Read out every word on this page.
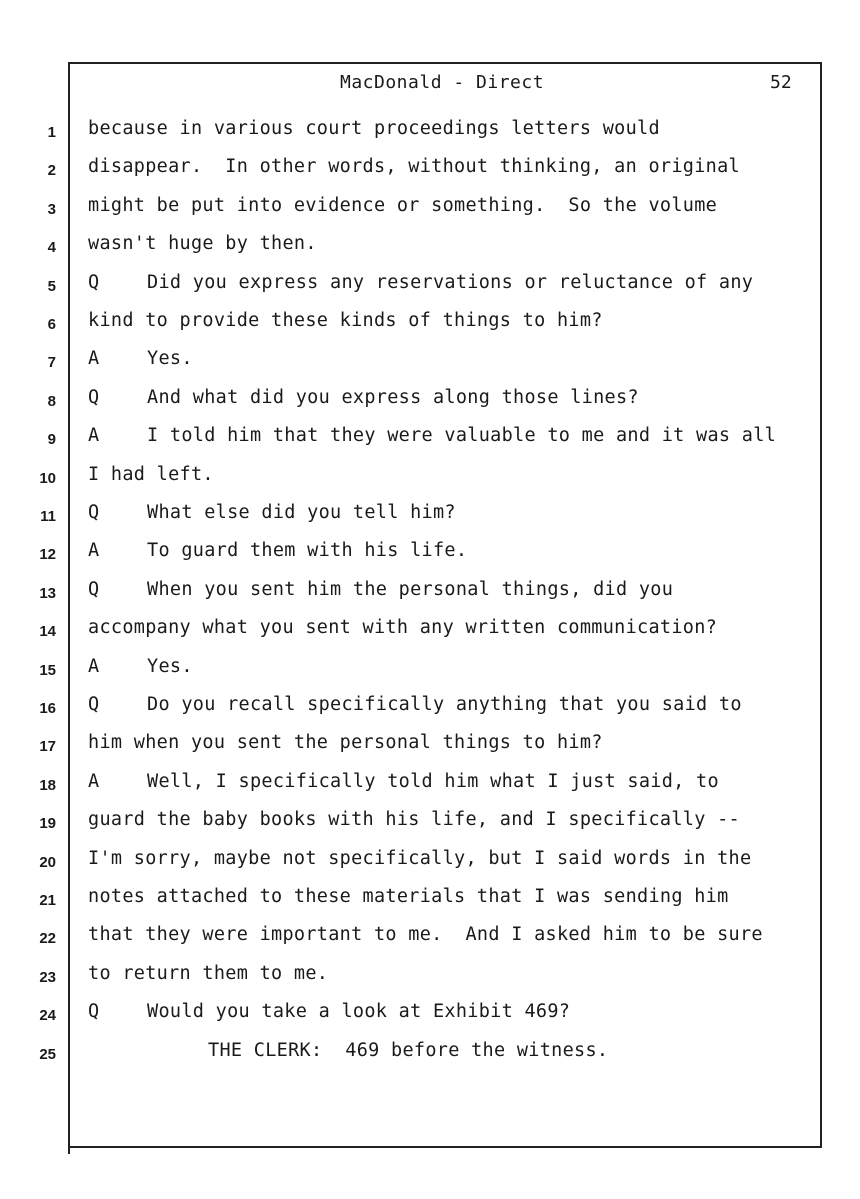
MacDonald - Direct	52
1 because in various court proceedings letters would
2 disappear.  In other words, without thinking, an original
3 might be put into evidence or something.  So the volume
4 wasn't huge by then.
5 Q	Did you express any reservations or reluctance of any
6 kind to provide these kinds of things to him?
7 A	Yes.
8 Q	And what did you express along those lines?
9 A	I told him that they were valuable to me and it was all
10 I had left.
11 Q	What else did you tell him?
12 A	To guard them with his life.
13 Q	When you sent him the personal things, did you
14 accompany what you sent with any written communication?
15 A	Yes.
16 Q	Do you recall specifically anything that you said to
17 him when you sent the personal things to him?
18 A	Well, I specifically told him what I just said, to
19 guard the baby books with his life, and I specifically --
20 I'm sorry, maybe not specifically, but I said words in the
21 notes attached to these materials that I was sending him
22 that they were important to me.  And I asked him to be sure
23 to return them to me.
24 Q	Would you take a look at Exhibit 469?
25	THE CLERK:  469 before the witness.
